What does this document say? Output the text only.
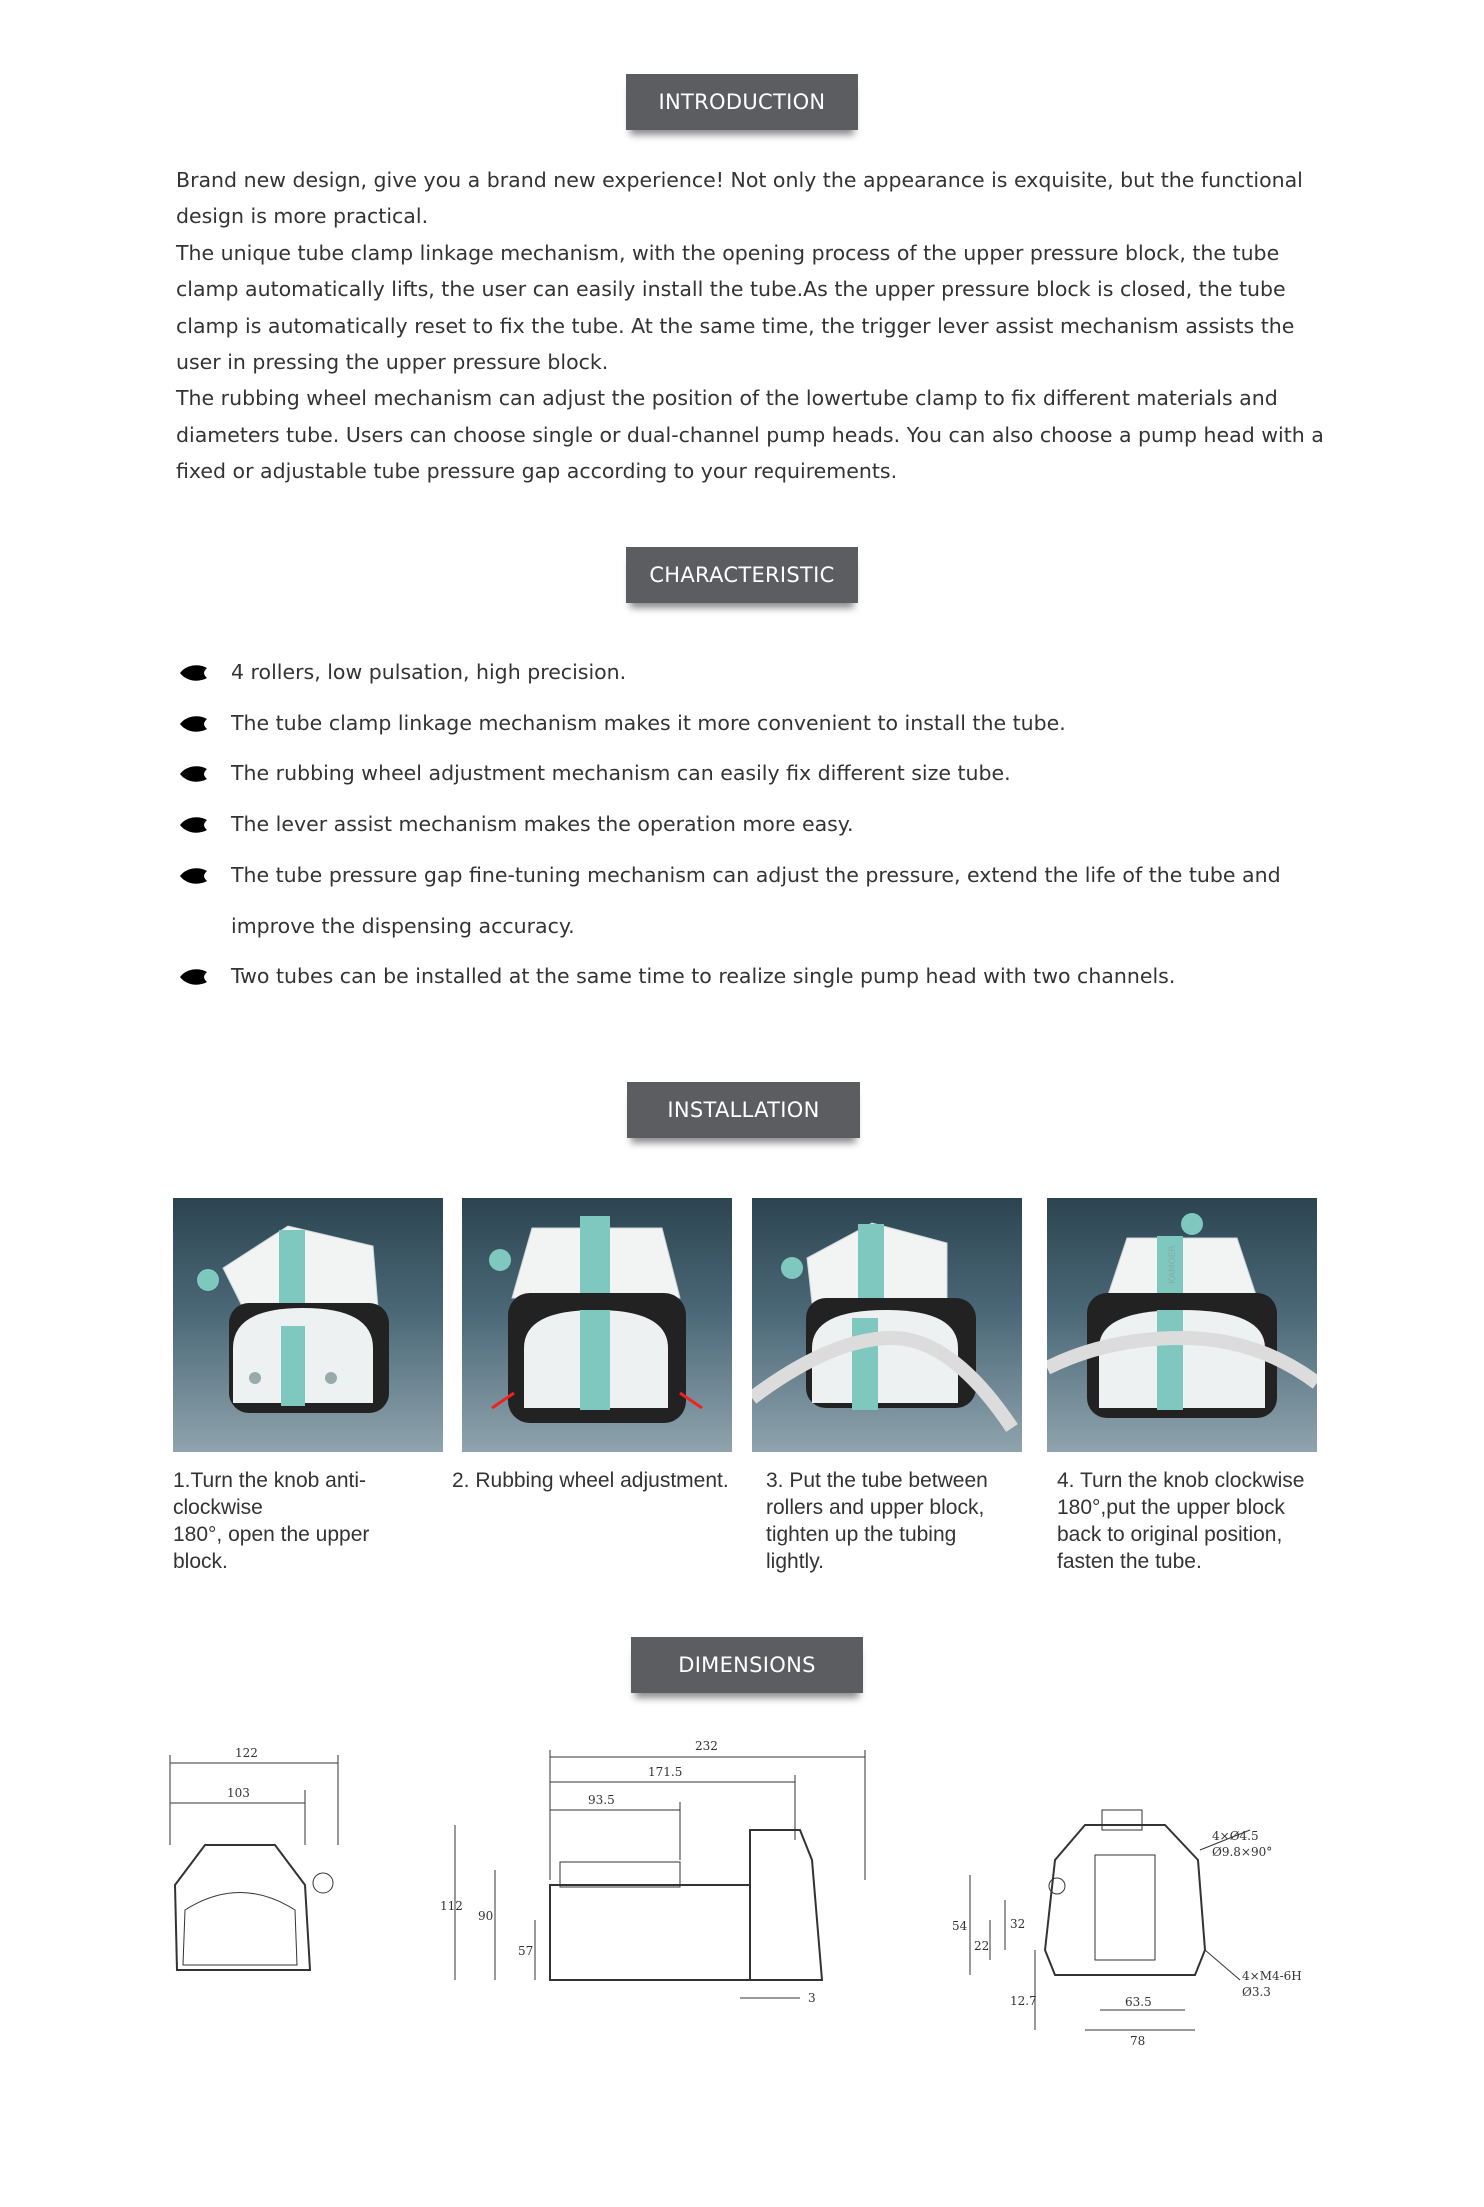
INTRODUCTION

Brand new design, give you a brand new experience! Not only the appearance is exquisite, but the functional design is more practical.

The unique tube clamp linkage mechanism, with the opening process of the upper pressure block, the tube clamp automatically lifts, the user can easily install the tube.As the upper pressure block is closed, the tube clamp is automatically reset to fix the tube. At the same time, the trigger lever assist mechanism assists the user in pressing the upper pressure block.

The rubbing wheel mechanism can adjust the position of the lowertube clamp to fix different materials and diameters tube. Users can choose single or dual-channel pump heads. You can also choose a pump head with a fixed or adjustable tube pressure gap according to your requirements.

CHARACTERISTIC
4 rollers, low pulsation, high precision.
The tube clamp linkage mechanism makes it more convenient to install the tube.
The rubbing wheel adjustment mechanism can easily fix different size tube.
The lever assist mechanism makes the operation more easy.
The tube pressure gap fine-tuning mechanism can adjust the pressure, extend the life of the tube and improve the dispensing accuracy.
Two tubes can be installed at the same time to realize single pump head with two channels.
INSTALLATION
KAMOER
1.Turn the knob anti-
clockwise
180°, open the upper
block.
2. Rubbing wheel adjustment.	3. Put the tube between
rollers and upper block,
tighten up the tubing
lightly.
4. Turn the knob clockwise
180°,put the upper block
back to original position,
fasten the tube.
DIMENSIONS
122
103
232
171.5
93.5
112
90
57
3
4×Ø4.5
Ø9.8×90°
4×M4-6H
Ø3.3
54	32
22
12.7	63.5
78
